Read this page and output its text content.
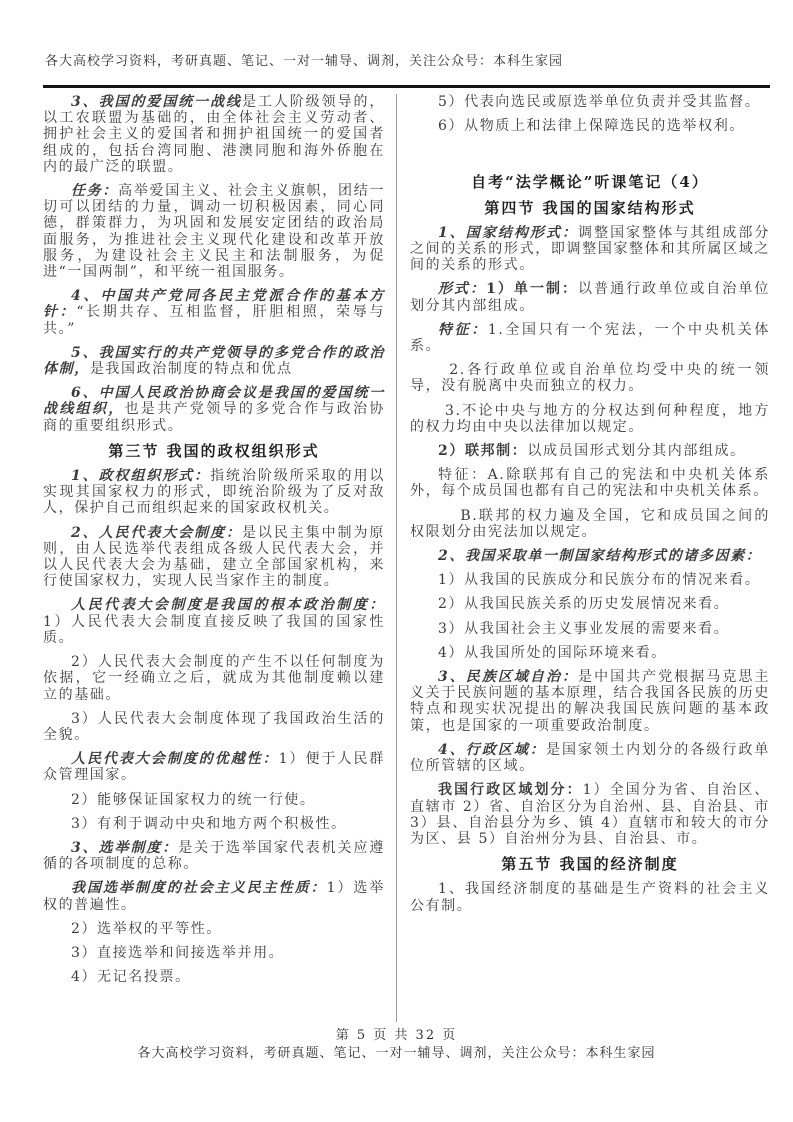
各大高校学习资料，考研真题、笔记、一对一辅导、调剂，关注公众号：本科生家园

3、我国的爱国统一战线是工人阶级领导的，以工农联盟为基础的，由全体社会主义劳动者、拥护社会主义的爱国者和拥护祖国统一的爱国者组成的，包括台湾同胞、港澳同胞和海外侨胞在内的最广泛的联盟。

任务：高举爱国主义、社会主义旗帜，团结一切可以团结的力量，调动一切积极因素，同心同德，群策群力，为巩固和发展安定团结的政治局面服务，为推进社会主义现代化建设和改革开放服务，为建设社会主义民主和法制服务，为促进“一国两制”，和平统一祖国服务。

4、中国共产党同各民主党派合作的基本方针：“长期共存、互相监督，肝胆相照，荣辱与共。”

5、我国实行的共产党领导的多党合作的政治体制，是我国政治制度的特点和优点

6、中国人民政治协商会议是我国的爱国统一战线组织，也是共产党领导的多党合作与政治协商的重要组织形式。

第三节 我国的政权组织形式

1、政权组织形式：指统治阶级所采取的用以实现其国家权力的形式，即统治阶级为了反对敌人，保护自己而组织起来的国家政权机关。

2、人民代表大会制度：是以民主集中制为原则，由人民选举代表组成各级人民代表大会，并以人民代表大会为基础，建立全部国家机构，来行使国家权力，实现人民当家作主的制度。

人民代表大会制度是我国的根本政治制度：1）人民代表大会制度直接反映了我国的国家性质。

2）人民代表大会制度的产生不以任何制度为依据，它一经确立之后，就成为其他制度赖以建立的基础。

3）人民代表大会制度体现了我国政治生活的全貌。

人民代表大会制度的优越性：1）便于人民群众管理国家。

2）能够保证国家权力的统一行使。

3）有利于调动中央和地方两个积极性。

3、选举制度：是关于选举国家代表机关应遵循的各项制度的总称。

我国选举制度的社会主义民主性质：1）选举权的普遍性。

2）选举权的平等性。

3）直接选举和间接选举并用。

4）无记名投票。

5）代表向选民或原选举单位负责并受其监督。

6）从物质上和法律上保障选民的选举权利。

自考“法学概论”听课笔记（4）

第四节 我国的国家结构形式

1、国家结构形式：调整国家整体与其组成部分之间的关系的形式，即调整国家整体和其所属区域之间的关系的形式。

形式：1）单一制：以普通行政单位或自治单位划分其内部组成。

特征：1.全国只有一个宪法，一个中央机关体系。

2.各行政单位或自治单位均受中央的统一领导，没有脱离中央而独立的权力。

3.不论中央与地方的分权达到何种程度，地方的权力均由中央以法律加以规定。

2）联邦制：以成员国形式划分其内部组成。

特征：A.除联邦有自己的宪法和中央机关体系外，每个成员国也都有自己的宪法和中央机关体系。

B.联邦的权力遍及全国，它和成员国之间的权限划分由宪法加以规定。

2、我国采取单一制国家结构形式的诸多因素：

1）从我国的民族成分和民族分布的情况来看。

2）从我国民族关系的历史发展情况来看。

3）从我国社会主义事业发展的需要来看。

4）从我国所处的国际环境来看。

3、民族区域自治：是中国共产党根据马克思主义关于民族问题的基本原理，结合我国各民族的历史特点和现实状况提出的解决我国民族问题的基本政策，也是国家的一项重要政治制度。

4、行政区域：是国家领土内划分的各级行政单位所管辖的区域。

我国行政区域划分：1）全国分为省、自治区、直辖市 2）省、自治区分为自治州、县、自治县、市 3）县、自治县分为乡、镇 4）直辖市和较大的市分为区、县 5）自治州分为县、自治县、市。

第五节 我国的经济制度

1、我国经济制度的基础是生产资料的社会主义公有制。

第 5 页 共 32 页
各大高校学习资料，考研真题、笔记、一对一辅导、调剂，关注公众号：本科生家园
